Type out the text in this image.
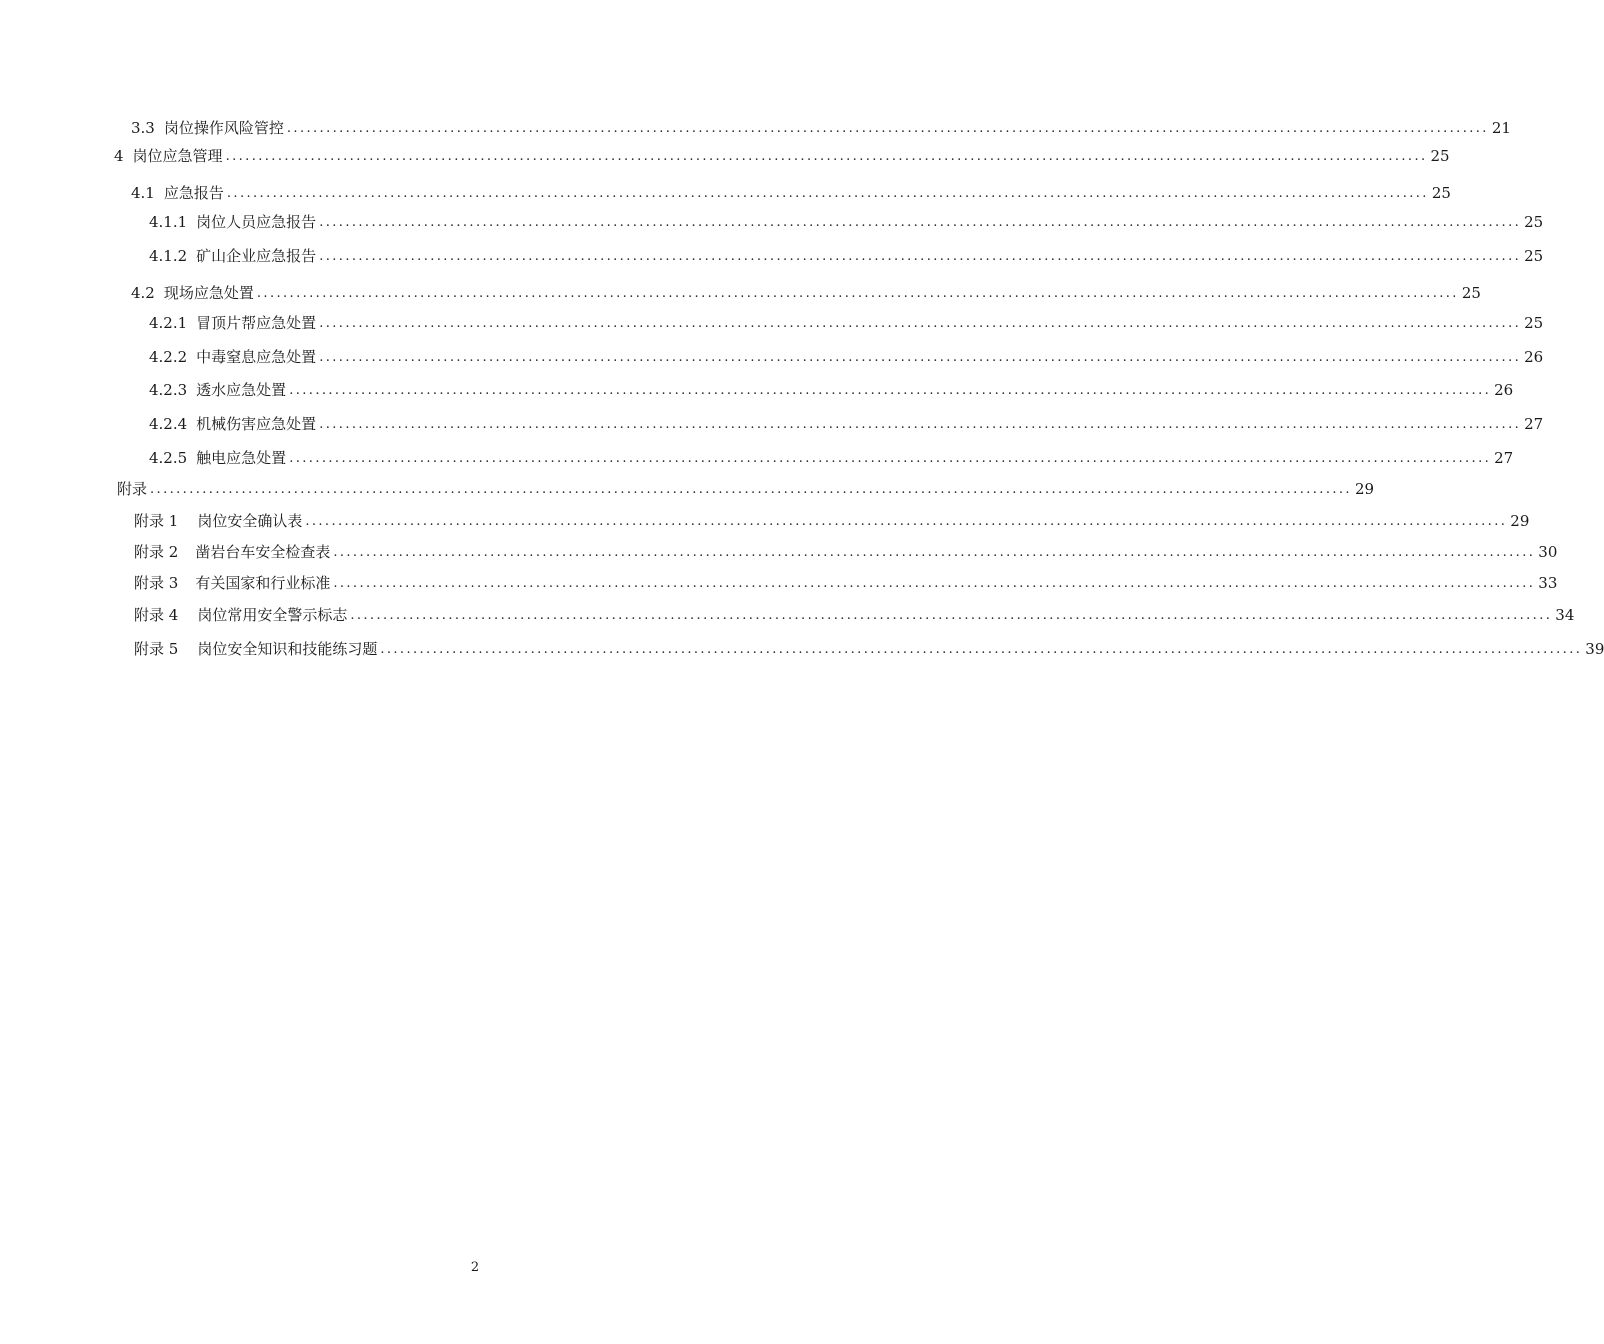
3.3 岗位操作风险管控 ........................................................................................................................................................................................ 21
4 岗位应急管理 ........................................................................................................................................................................................ 25
4.1 应急报告 ........................................................................................................................................................................................ 25
4.1.1 岗位人员应急报告 ........................................................................................................................................................................................ 25
4.1.2 矿山企业应急报告 ........................................................................................................................................................................................ 25
4.2 现场应急处置 ........................................................................................................................................................................................ 25
4.2.1 冒顶片帮应急处置 ........................................................................................................................................................................................ 25
4.2.2 中毒窒息应急处置 ........................................................................................................................................................................................ 26
4.2.3 透水应急处置 ........................................................................................................................................................................................ 26
4.2.4 机械伤害应急处置 ........................................................................................................................................................................................ 27
4.2.5 触电应急处置 ........................................................................................................................................................................................ 27
附录 ........................................................................................................................................................................................ 29
附录 1 岗位安全确认表 ........................................................................................................................................................................................ 29
附录 2 凿岩台车安全检查表 ........................................................................................................................................................................................ 30
附录 3 有关国家和行业标准 ........................................................................................................................................................................................ 33
附录 4 岗位常用安全警示标志 ........................................................................................................................................................................................ 34
附录 5 岗位安全知识和技能练习题 ........................................................................................................................................................................................ 39
2
